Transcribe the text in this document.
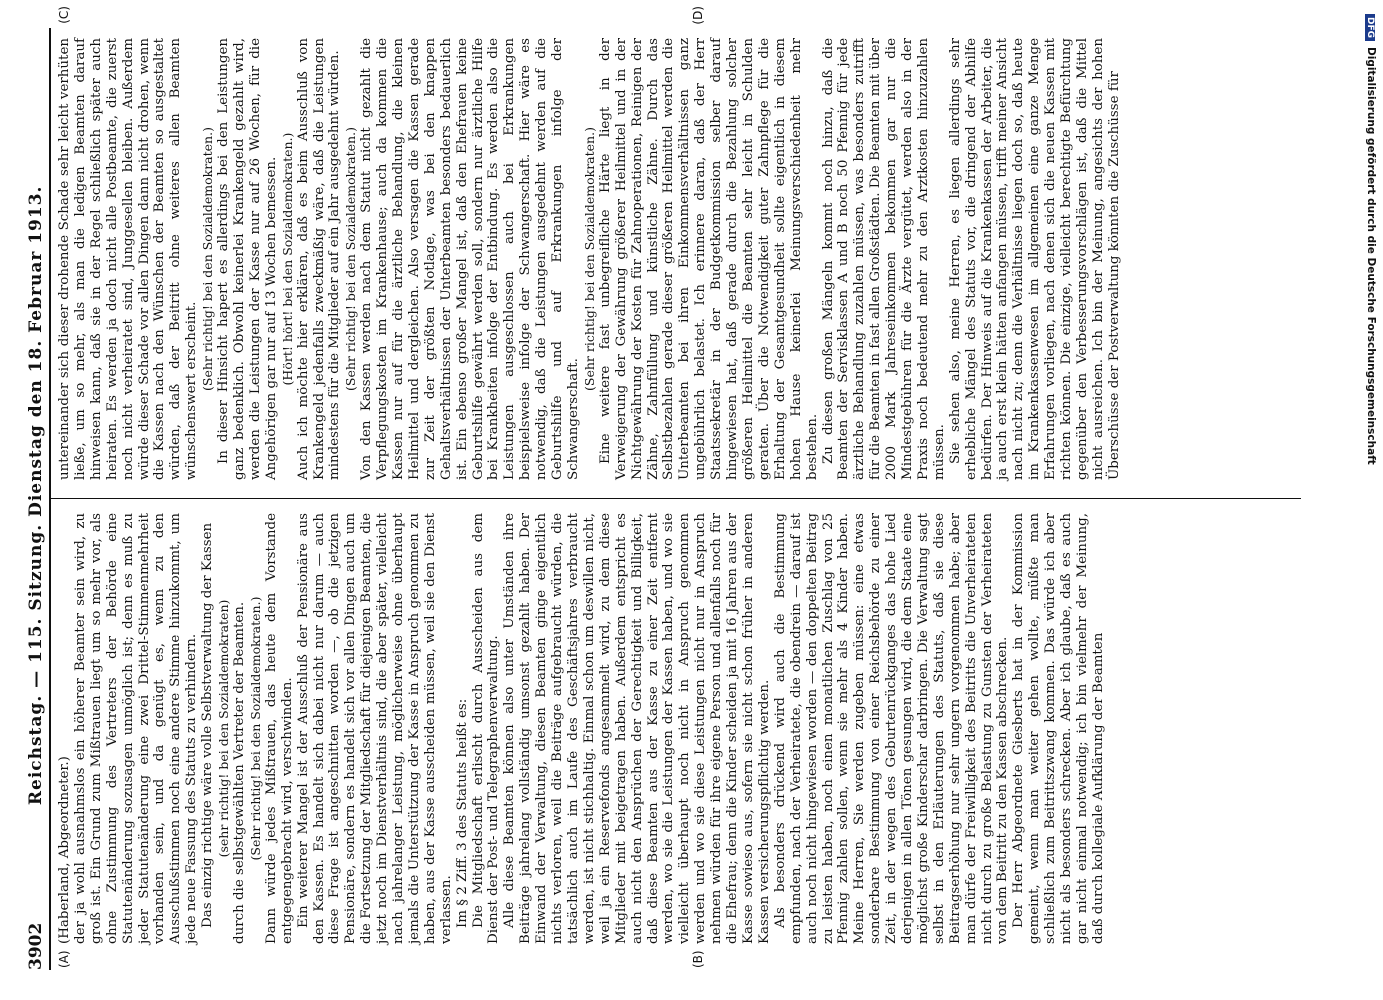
3902
Reichstag. — 115. Sitzung. Dienstag den 18. Februar 1913.
(A)	(B)

(Haberland, Abgeordneter.) der ja wohl ausnahmslos ein höherer Beamter sein wird, zu groß ist. Ein Grund zum Mißtrauen liegt um so mehr vor, als ohne Zustimmung des Vertreters der Behörde eine Statutenänderung sozusagen unmöglich ist; denn es muß zu jeder Statutenänderung eine zwei Drittel-Stimmenmehrheit vorhanden sein, und da genügt es, wenn zu den Ausschußstimmen noch eine andere Stimme hinzukommt, um jede neue Fassung des Statuts zu verhindern. Das einzig richtige wäre volle Selbstverwaltung der Kassen (sehr richtig! bei den Sozialdemokraten) durch die selbstgewählten Vertreter der Beamten. (Sehr richtig! bei den Sozialdemokraten.) Dann würde jedes Mißtrauen, das heute dem Vorstande entgegengebracht wird, verschwinden. Ein weiterer Mangel ist der Ausschluß der Pensionäre aus den Kassen. Es handelt sich dabei nicht nur darum — auch diese Frage ist angeschnitten worden —, ob die jetzigen Pensionäre, sondern es handelt sich vor allen Dingen auch um die Fortsetzung der Mitgliedschaft für diejenigen Beamten, die jetzt noch im Dienstverhältnis sind, die aber später, vielleicht nach jahrelanger Leistung, möglicherweise ohne überhaupt jemals die Unterstützung der Kasse in Anspruch genommen zu haben, aus der Kasse ausscheiden müssen, weil sie den Dienst verlassen. Im § 2 Ziff. 3 des Statuts heißt es: Die Mitgliedschaft erlischt durch Ausscheiden aus dem Dienst der Post- und Telegraphenverwaltung. Alle diese Beamten können also unter Umständen ihre Beiträge jahrelang vollständig umsonst gezahlt haben. Der Einwand der Verwaltung, diesen Beamten ginge eigentlich nichts verloren, weil die Beiträge aufgebraucht würden, die tatsächlich auch im Laufe des Geschäftsjahres verbraucht werden, ist nicht stichhaltig. Einmal schon um deswillen nicht, weil ja ein Reservefonds angesammelt wird, zu dem diese Mitglieder mit beigetragen haben. Außerdem entspricht es auch nicht den Ansprüchen der Gerechtigkeit und Billigkeit, daß diese Beamten aus der Kasse zu einer Zeit entfernt werden, wo sie die Leistungen der Kassen haben, und wo sie vielleicht überhaupt noch nicht in Anspruch genommen werden und wo sie diese Leistungen nicht nur in Anspruch nehmen würden für ihre eigene Person und allenfalls noch für die Ehefrau; denn die Kinder scheiden ja mit 16 Jahren aus der Kasse sowieso aus, sofern sie nicht schon früher in anderen Kassen versicherungspflichtig werden. Als besonders drückend wird auch die Bestimmung empfunden, nach der Verheiratete, die obendrein — darauf ist auch noch nicht hingewiesen worden — den doppelten Beitrag zu leisten haben, noch einen monatlichen Zuschlag von 25 Pfennig zahlen sollen, wenn sie mehr als 4 Kinder haben. Meine Herren, Sie werden zugeben müssen: eine etwas sonderbare Bestimmung von einer Reichsbehörde zu einer Zeit, in der wegen des Geburtenrückganges das hohe Lied derjenigen in allen Tönen gesungen wird, die dem Staate eine möglichst große Kinderschar darbringen. Die Verwaltung sagt selbst in den Erläuterungen des Statuts, daß sie diese Beitragserhöhung nur sehr ungern vorgenommen habe; aber man dürfe der Freiwilligkeit des Beitritts die Unverheirateten nicht durch zu große Belastung zu Gunsten der Verheirateten von dem Beitritt zu den Kassen abschrecken. Der Herr Abgeordnete Giesberts hat in der Kommission gemeint, wenn man weiter gehen wollte, müßte man schließlich zum Beitrittszwang kommen. Das würde ich aber nicht als besonders schrecken. Aber ich glaube, daß es auch gar nicht einmal notwendig; ich bin vielmehr der Meinung, daß durch kollegiale Aufklärung der Beamten

(C)	(D)

untereinander sich dieser drohende Schade sehr leicht verhüten ließe, um so mehr, als man die ledigen Beamten darauf hinweisen kann, daß sie in der Regel schließlich später auch heiraten. Es werden ja doch nicht alle Postbeamte, die zuerst noch nicht verheiratet sind, Junggesellen bleiben. Außerdem würde dieser Schade vor allen Dingen dann nicht drohen, wenn die Kassen nach den Wünschen der Beamten so ausgestaltet würden, daß der Beitritt ohne weiteres allen Beamten wünschenswert erscheint. (Sehr richtig! bei den Sozialdemokraten.) In dieser Hinsicht hapert es allerdings bei den Leistungen ganz bedenklich. Obwohl keinerlei Krankengeld gezahlt wird, werden die Leistungen der Kasse nur auf 26 Wochen, für die Angehörigen gar nur auf 13 Wochen bemessen. (Hört! hört! bei den Sozialdemokraten.) Auch ich möchte hier erklären, daß es beim Ausschluß von Krankengeld jedenfalls zweckmäßig wäre, daß die Leistungen mindestens für die Mitglieder auf ein Jahr ausgedehnt würden. (Sehr richtig! bei den Sozialdemokraten.) Von den Kassen werden nach dem Statut nicht gezahlt die Verpflegungskosten im Krankenhause; auch da kommen die Kassen nur auf für die ärztliche Behandlung, die kleinen Heilmittel und dergleichen. Also versagen die Kassen gerade zur Zeit der größten Notlage, was bei den knappen Gehaltsverhältnissen der Unterbeamten besonders bedauerlich ist. Ein ebenso großer Mangel ist, daß den Ehefrauen keine Geburtshilfe gewährt werden soll, sondern nur ärztliche Hilfe bei Krankheiten infolge der Entbindung. Es werden also die Leistungen ausgeschlossen auch bei Erkrankungen beispielsweise infolge der Schwangerschaft. Hier wäre es notwendig, daß die Leistungen ausgedehnt werden auf die Geburtshilfe und auf Erkrankungen infolge der Schwangerschaft.

(Sehr richtig! bei den Sozialdemokraten.) Eine weitere fast unbegreifliche Härte liegt in der Verweigerung der Gewährung größerer Heilmittel und in der Nichtgewährung der Kosten für Zahnoperationen, Reinigen der Zähne, Zahnfüllung und künstliche Zähne. Durch das Selbstbezahlen gerade dieser größeren Heilmittel werden die Unterbeamten bei ihren Einkommensverhältnissen ganz ungebührlich belastet. Ich erinnere daran, daß der Herr Staatssekretär in der Budgetkommission selber darauf hingewiesen hat, daß gerade durch die Bezahlung solcher größeren Heilmittel die Beamten sehr leicht in Schulden geraten. Über die Notwendigkeit guter Zahnpflege für die Erhaltung der Gesamtgesundheit sollte eigentlich in diesem hohen Hause keinerlei Meinungsverschiedenheit mehr bestehen. Zu diesen großen Mängeln kommt noch hinzu, daß die Beamten der Servisklassen A und B noch 50 Pfennig für jede ärztliche Behandlung zuzahlen müssen, was besonders zutrifft für die Beamten in fast allen Großstädten. Die Beamten mit über 2000 Mark Jahreseinkommen bekommen gar nur die Mindestgebühren für die Ärzte vergütet, werden also in der Praxis noch bedeutend mehr zu den Arztkosten hinzuzahlen müssen. Sie sehen also, meine Herren, es liegen allerdings sehr erhebliche Mängel des Statuts vor, die dringend der Abhilfe bedürfen. Der Hinweis auf die Krankenkassen der Arbeiter, die ja auch erst klein hätten anfangen müssen, trifft meiner Ansicht nach nicht zu; denn die Verhältnisse liegen doch so, daß heute im Krankenkassenwesen im allgemeinen eine ganze Menge Erfahrungen vorliegen, nach denen sich die neuen Kassen mit richten können. Die einzige, vielleicht berechtigte Befürchtung gegenüber den Verbesserungsvorschlägen ist, daß die Mittel nicht ausreichen. Ich bin der Meinung, angesichts der hohen Überschüsse der Postverwaltung könnten die Zuschüsse für

DFGDigitalisierung gefördert durch die Deutsche Forschungsgemeinschaft
